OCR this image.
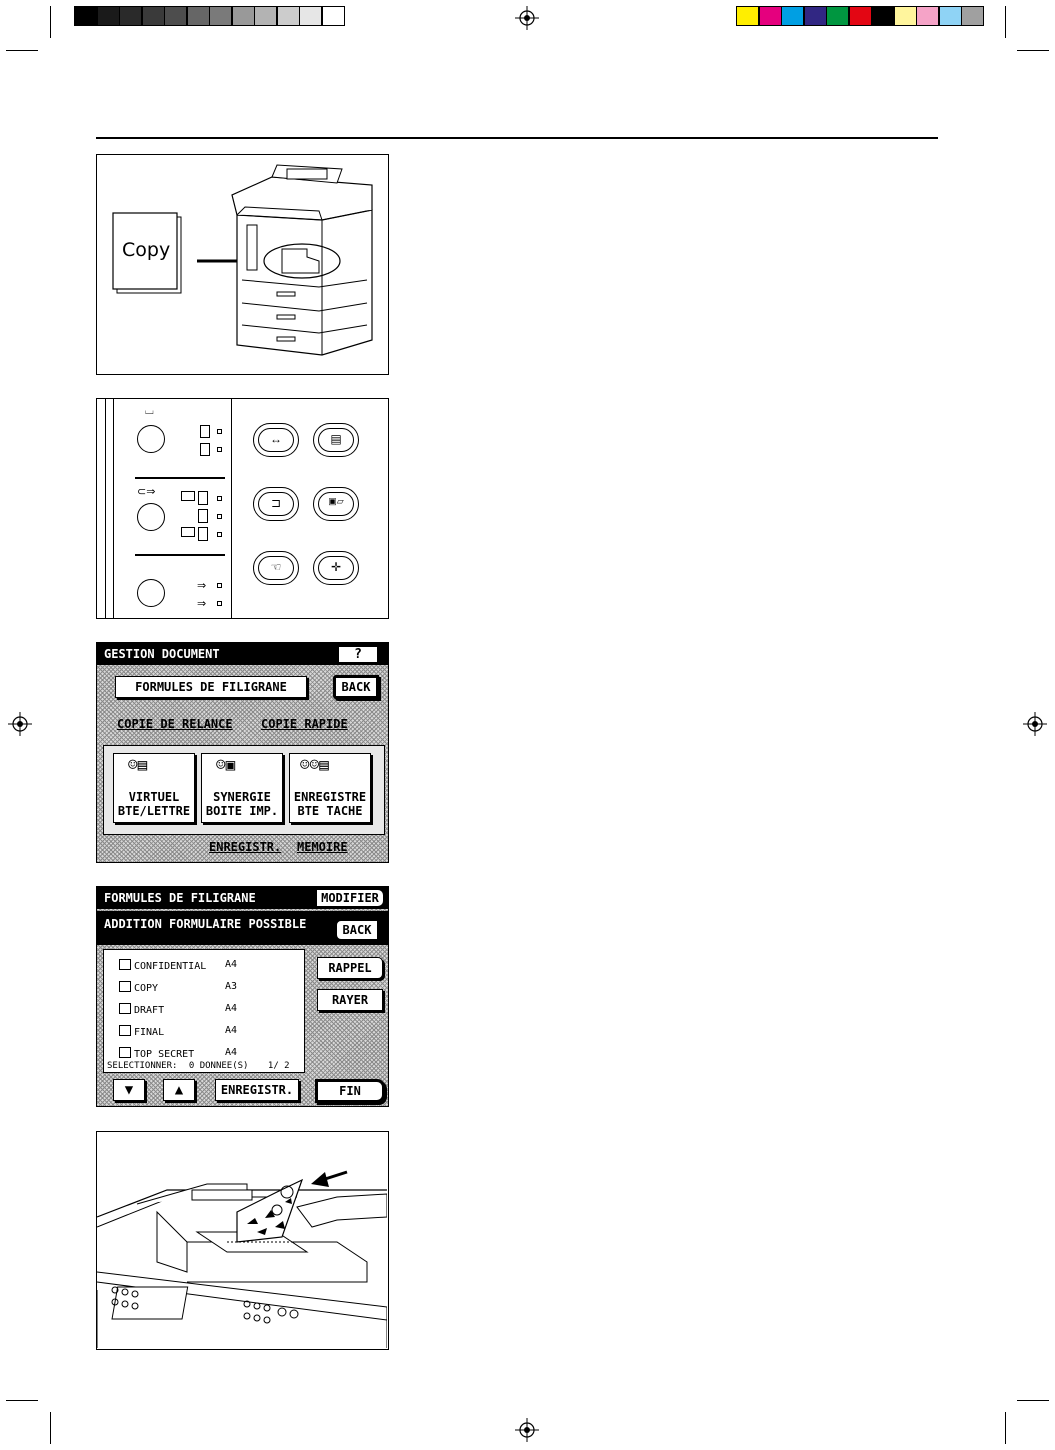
Copy
⌴
⊂⇒
⇒
⇒
↔	▤
⊐	▣▱
☜	✛
GESTION DOCUMENT	?
FORMULES DE FILIGRANE	BACK
COPIE DE RELANCE COPIE RAPIDE
☺▤
VIRTUEL
BTE/LETTRE
☺▣
SYNERGIE
BOITE IMP.
☺☺▤
ENREGISTRE
BTE TACHE
ENREGISTR. MEMOIRE
FORMULES DE FILIGRANE	MODIFIER
ADDITION FORMULAIRE POSSIBLE	BACK
SELECTIONNER: 0 DONNEE(S) 1/ 2
RAPPEL
RAYER
▼	▲	ENREGISTR.	FIN
CONFIDENTIAL A4
COPY	A3
DRAFT	A4
FINAL	A4
TOP SECRET	A4
